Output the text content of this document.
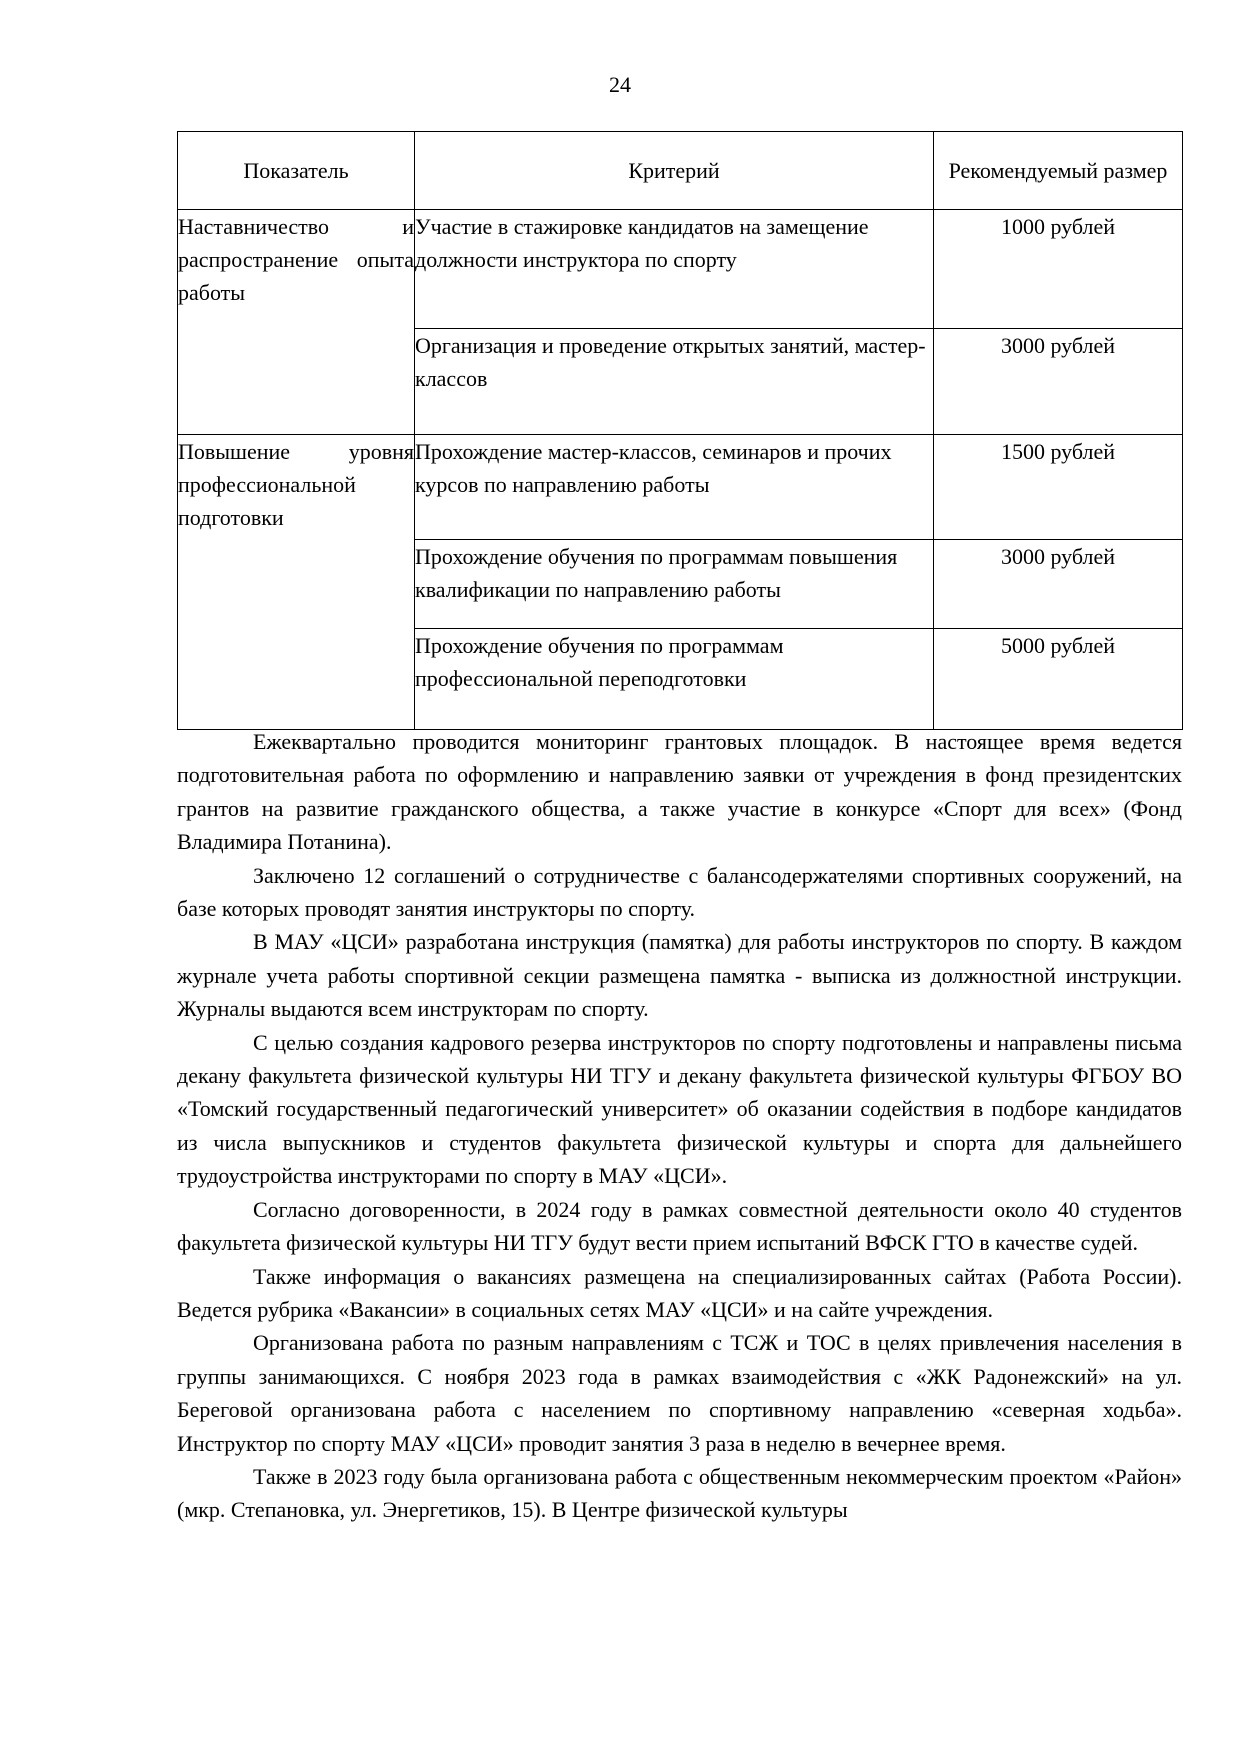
24
Показатель	Критерий	Рекомендуемый размер
Наставничество и распространение опыта работы	Участие в стажировке кандидатов на замещение должности инструктора по спорту	1000 рублей
	Организация и проведение открытых занятий, мастер-классов	3000 рублей
Повышение уровня профессиональной подготовки	Прохождение мастер-классов, семинаров и прочих курсов по направлению работы	1500 рублей

	Прохождение обучения по программам повышения квалификации по направлению работы	3000 рублей
	Прохождение обучения по программам профессиональной переподготовки	5000 рублей

Ежеквартально проводится мониторинг грантовых площадок. В настоящее время ведется подготовительная работа по оформлению и направлению заявки от учреждения в фонд президентских грантов на развитие гражданского общества, а также участие в конкурсе «Спорт для всех» (Фонд Владимира Потанина).

Заключено 12 соглашений о сотрудничестве с балансодержателями спортивных сооружений, на базе которых проводят занятия инструкторы по спорту.

В МАУ «ЦСИ» разработана инструкция (памятка) для работы инструкторов по спорту. В каждом журнале учета работы спортивной секции размещена памятка - выписка из должностной инструкции. Журналы выдаются всем инструкторам по спорту.

С целью создания кадрового резерва инструкторов по спорту подготовлены и направлены письма декану факультета физической культуры НИ ТГУ и декану факультета физической культуры ФГБОУ ВО «Томский государственный педагогический университет» об оказании содействия в подборе кандидатов из числа выпускников и студентов факультета физической культуры и спорта для дальнейшего трудоустройства инструкторами по спорту в МАУ «ЦСИ».

Согласно договоренности, в 2024 году в рамках совместной деятельности около 40 студентов факультета физической культуры НИ ТГУ будут вести прием испытаний ВФСК ГТО в качестве судей.

Также информация о вакансиях размещена на специализированных сайтах (Работа России). Ведется рубрика «Вакансии» в социальных сетях МАУ «ЦСИ» и на сайте учреждения.

Организована работа по разным направлениям с ТСЖ и ТОС в целях привлечения населения в группы занимающихся. С ноября 2023 года в рамках взаимодействия с «ЖК Радонежский» на ул. Береговой организована работа с населением по спортивному направлению «северная ходьба». Инструктор по спорту МАУ «ЦСИ» проводит занятия 3 раза в неделю в вечернее время.

Также в 2023 году была организована работа с общественным некоммерческим проектом «Район» (мкр. Степановка, ул. Энергетиков, 15). В Центре физической культуры
